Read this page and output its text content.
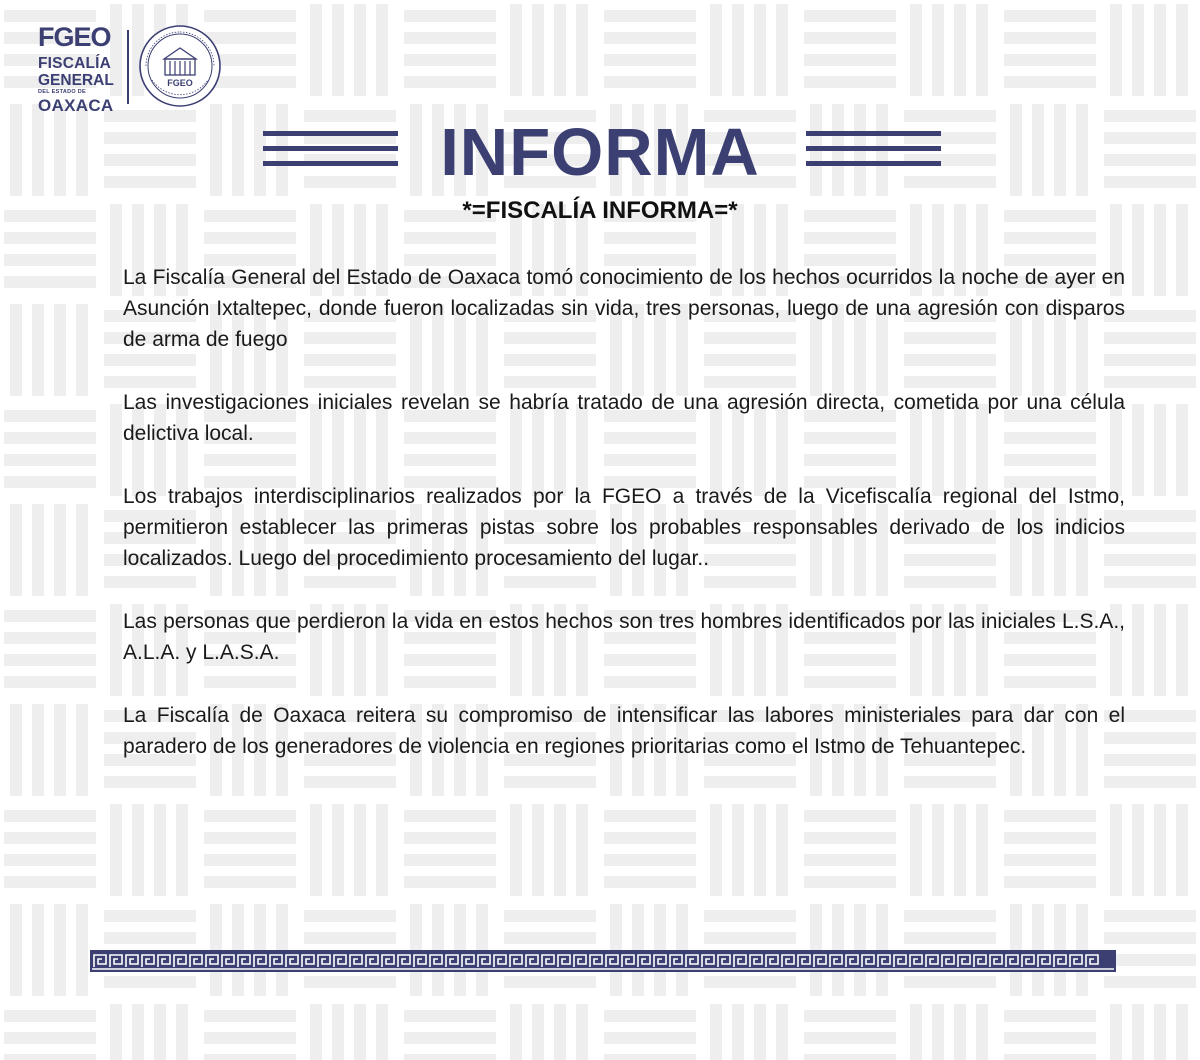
FGEO
FISCALÍA
GENERAL
DEL ESTADO DE
OAXACA
FGEO
INFORMA
*=FISCALÍA INFORMA=*

La Fiscalía General del Estado de Oaxaca tomó conocimiento de los hechos ocurridos la noche de ayer en Asunción Ixtaltepec, donde fueron localizadas sin vida, tres personas, luego de una agresión con disparos de arma de fuego

Las investigaciones iniciales revelan se habría tratado de una agresión directa, cometida por una célula delictiva local.

Los trabajos interdisciplinarios realizados por la FGEO a través de la Vicefiscalía regional del Istmo, permitieron establecer las primeras pistas sobre los probables responsables derivado de los indicios localizados. Luego del procedimiento procesamiento del lugar..

Las personas que perdieron la vida en estos hechos son tres hombres identificados por las iniciales L.S.A., A.L.A. y L.A.S.A.

La Fiscalía de Oaxaca reitera su compromiso de intensificar las labores ministeriales para dar con el paradero de los generadores de violencia en regiones prioritarias como el Istmo de Tehuantepec.
